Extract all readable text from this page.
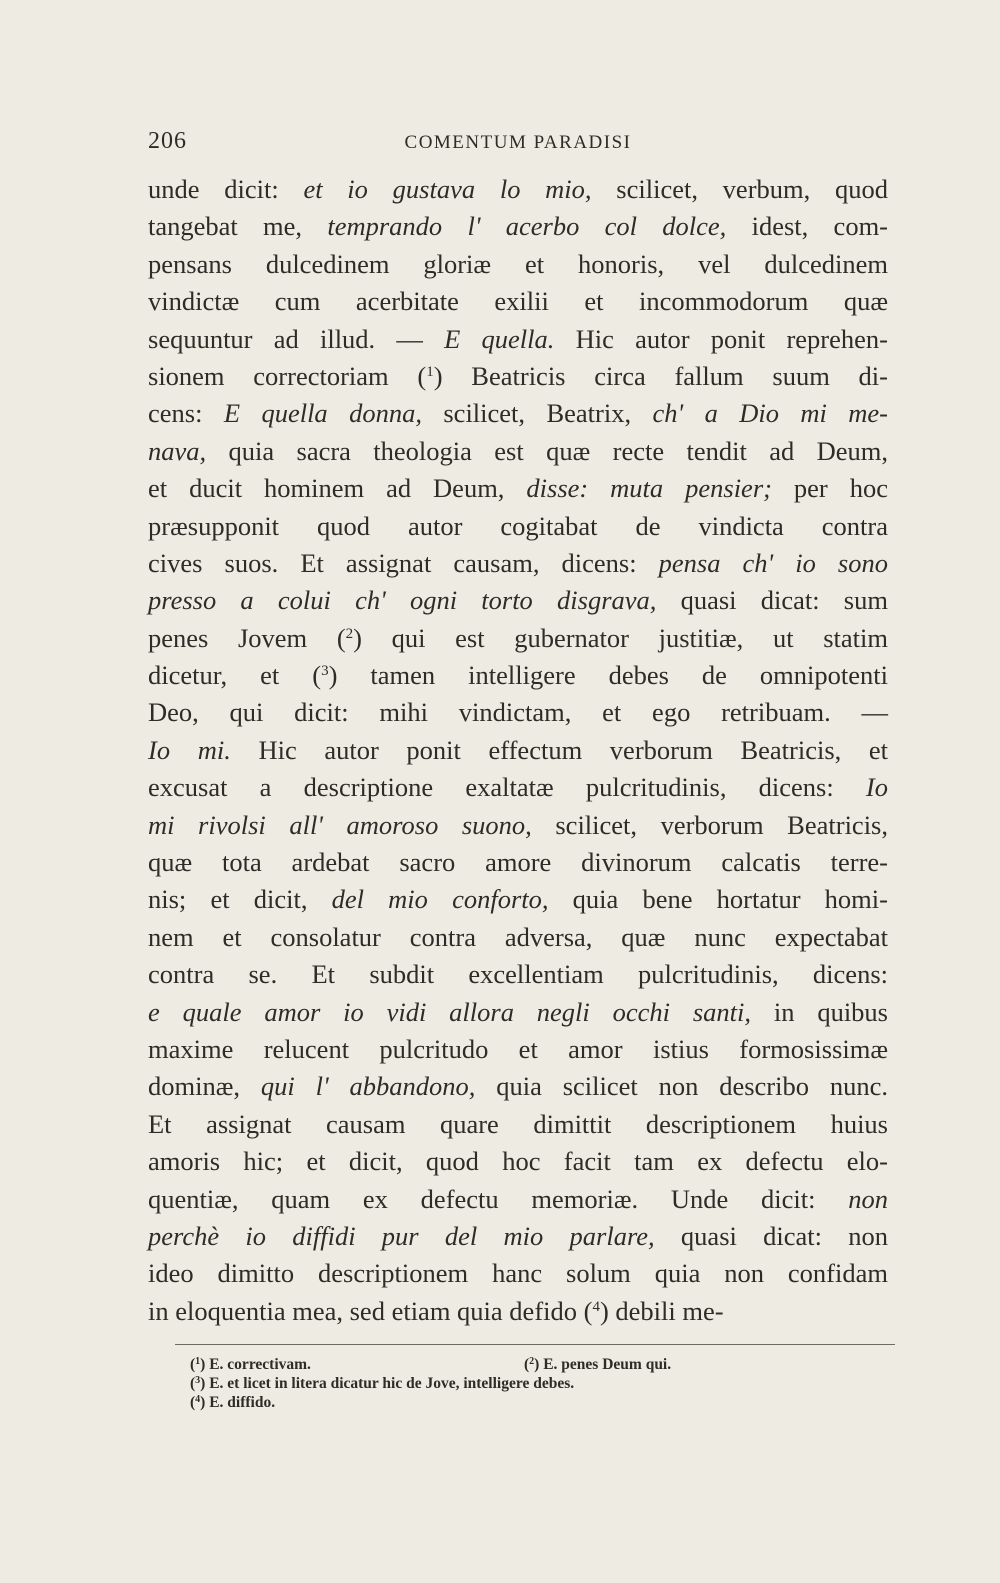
206	COMENTUM PARADISI
unde dicit: et io gustava lo mio, scilicet, verbum, quod
tangebat me, temprando l' acerbo col dolce, idest, com-
pensans dulcedinem gloriæ et honoris, vel dulcedinem
vindictæ cum acerbitate exilii et incommodorum quæ
sequuntur ad illud. — E quella. Hic autor ponit reprehen-
sionem correctoriam ($^1$) Beatricis circa fallum suum di-
cens: E quella donna, scilicet, Beatrix, ch' a Dio mi me-
nava, quia sacra theologia est quæ recte tendit ad Deum,
et ducit hominem ad Deum, disse: muta pensier; per hoc
præsupponit quod autor cogitabat de vindicta contra
cives suos. Et assignat causam, dicens: pensa ch' io sono
presso a colui ch' ogni torto disgrava, quasi dicat: sum
penes Jovem ($^2$) qui est gubernator justitiæ, ut statim
dicetur, et ($^3$) tamen intelligere debes de omnipotenti
Deo, qui dicit: mihi vindictam, et ego retribuam. —
Io mi. Hic autor ponit effectum verborum Beatricis, et
excusat a descriptione exaltatæ pulcritudinis, dicens: Io
mi rivolsi all' amoroso suono, scilicet, verborum Beatricis,
quæ tota ardebat sacro amore divinorum calcatis terre-
nis; et dicit, del mio conforto, quia bene hortatur homi-
nem et consolatur contra adversa, quæ nunc expectabat
contra se. Et subdit excellentiam pulcritudinis, dicens:
e quale amor io vidi allora negli occhi santi, in quibus
maxime relucent pulcritudo et amor istius formosissimæ
dominæ, qui l' abbandono, quia scilicet non describo nunc.
Et assignat causam quare dimittit descriptionem huius
amoris hic; et dicit, quod hoc facit tam ex defectu elo-
quentiæ, quam ex defectu memoriæ. Unde dicit: non
perchè io diffidi pur del mio parlare, quasi dicat: non
ideo dimitto descriptionem hanc solum quia non confidam
in eloquentia mea, sed etiam quia defido ($^4$) debili me-
($^1$) E. correctivam.	($^2$) E. penes Deum qui.
($^3$) E. et licet in litera dicatur hic de Jove, intelligere debes.
($^4$) E. diffido.
